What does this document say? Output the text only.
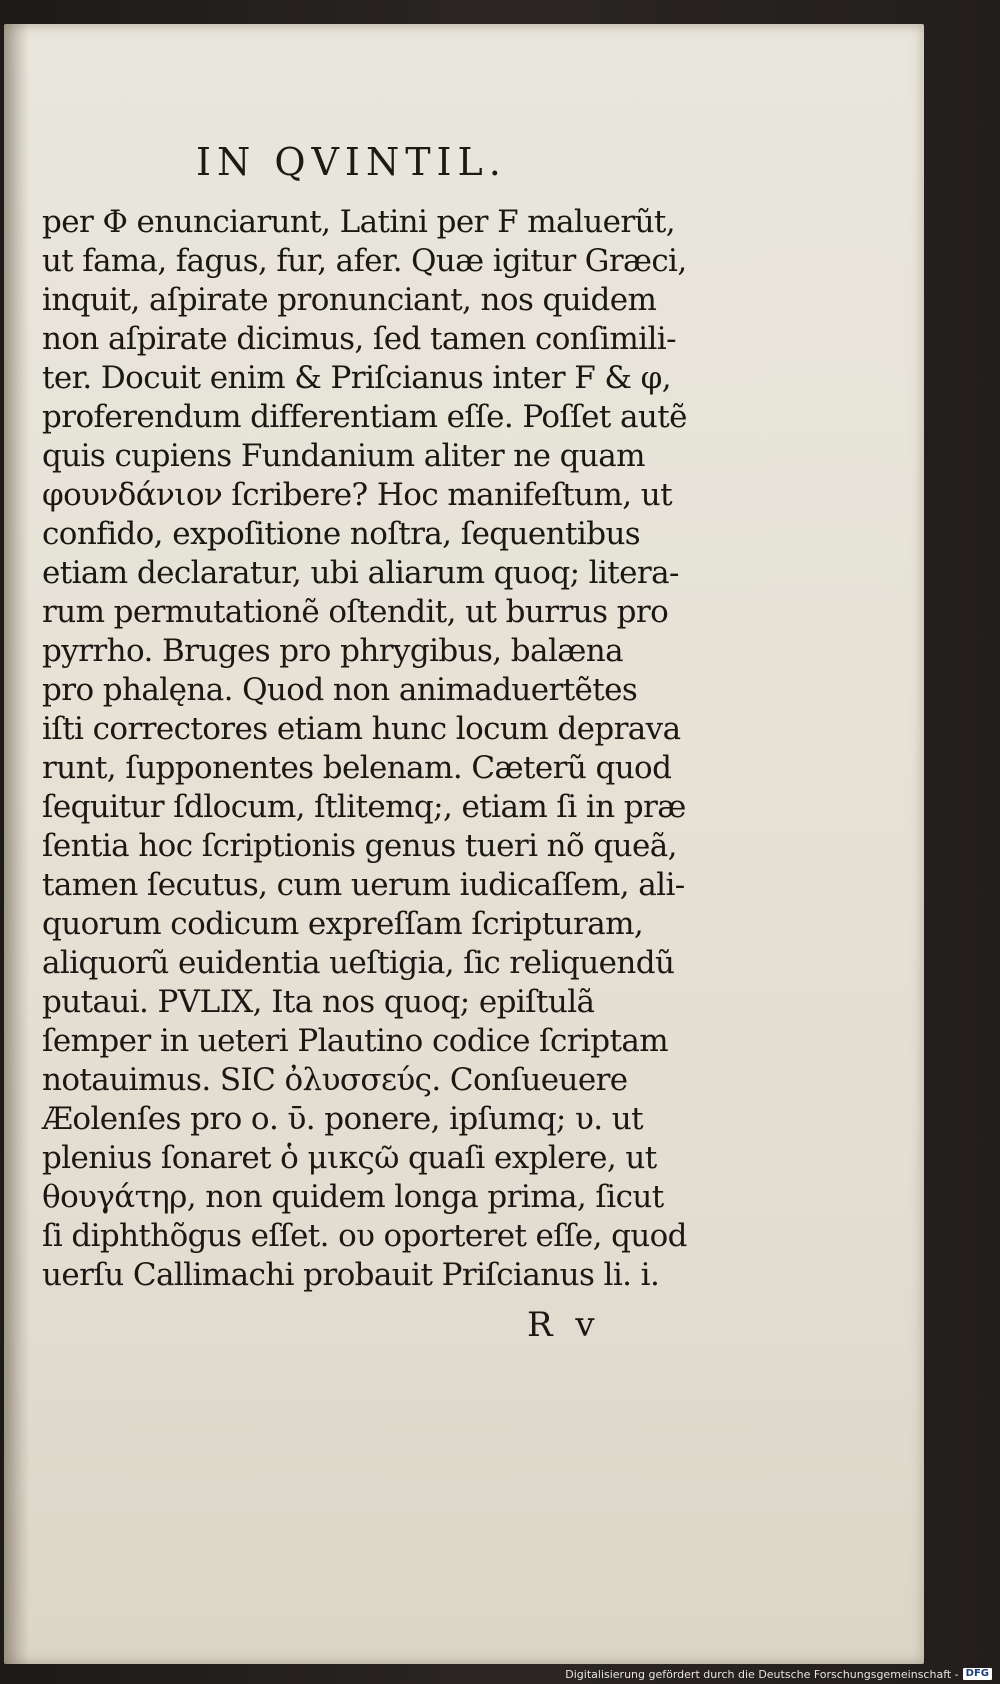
IN QVINTIL.
per Φ enunciarunt, Latini per F maluerũt,
ut fama, fagus, fur, afer. Quæ igitur Græci,
inquit, aſpirate pronunciant, nos quidem
non aſpirate dicimus, ſed tamen conſimili-
ter. Docuit enim & Priſcianus inter F & φ,
proferendum differentiam eſſe. Poſſet autẽ
quis cupiens Fundanium aliter ne quam
φουνδάνιον ſcribere? Hoc manifeſtum, ut
confido, expoſitione noſtra, ſequentibus
etiam declaratur, ubi aliarum quoq; litera-
rum permutationẽ oſtendit, ut burrus pro
pyrrho. Bruges pro phrygibus, balæna
pro phalęna. Quod non animaduertẽtes
iſti correctores etiam hunc locum deprava
runt, ſupponentes belenam. Cæterũ quod
ſequitur ſdlocum, ſtlitemq;, etiam ſi in præ
ſentia hoc ſcriptionis genus tueri nõ queã,
tamen ſecutus, cum uerum iudicaſſem, ali-
quorum codicum expreſſam ſcripturam,
aliquorũ euidentia ueſtigia, ſic reliquendũ
putaui. PVLIX, Ita nos quoq; epiſtulã
ſemper in ueteri Plautino codice ſcriptam
notauimus. SIC ὀλυσσεύς. Conſueuere
Æolenſes pro ο. ῡ. ponere, ipſumq; υ. ut
plenius ſonaret ὁ μικςῶ quaſi explere, ut
θουγάτηρ, non quidem longa prima, ſicut
ſi diphthõgus eſſet. ου oporteret eſſe, quod
uerſu Callimachi probauit Priſcianus li. i.
R v
Digitalisierung gefördert durch die Deutsche Forschungsgemeinschaft - DFG
